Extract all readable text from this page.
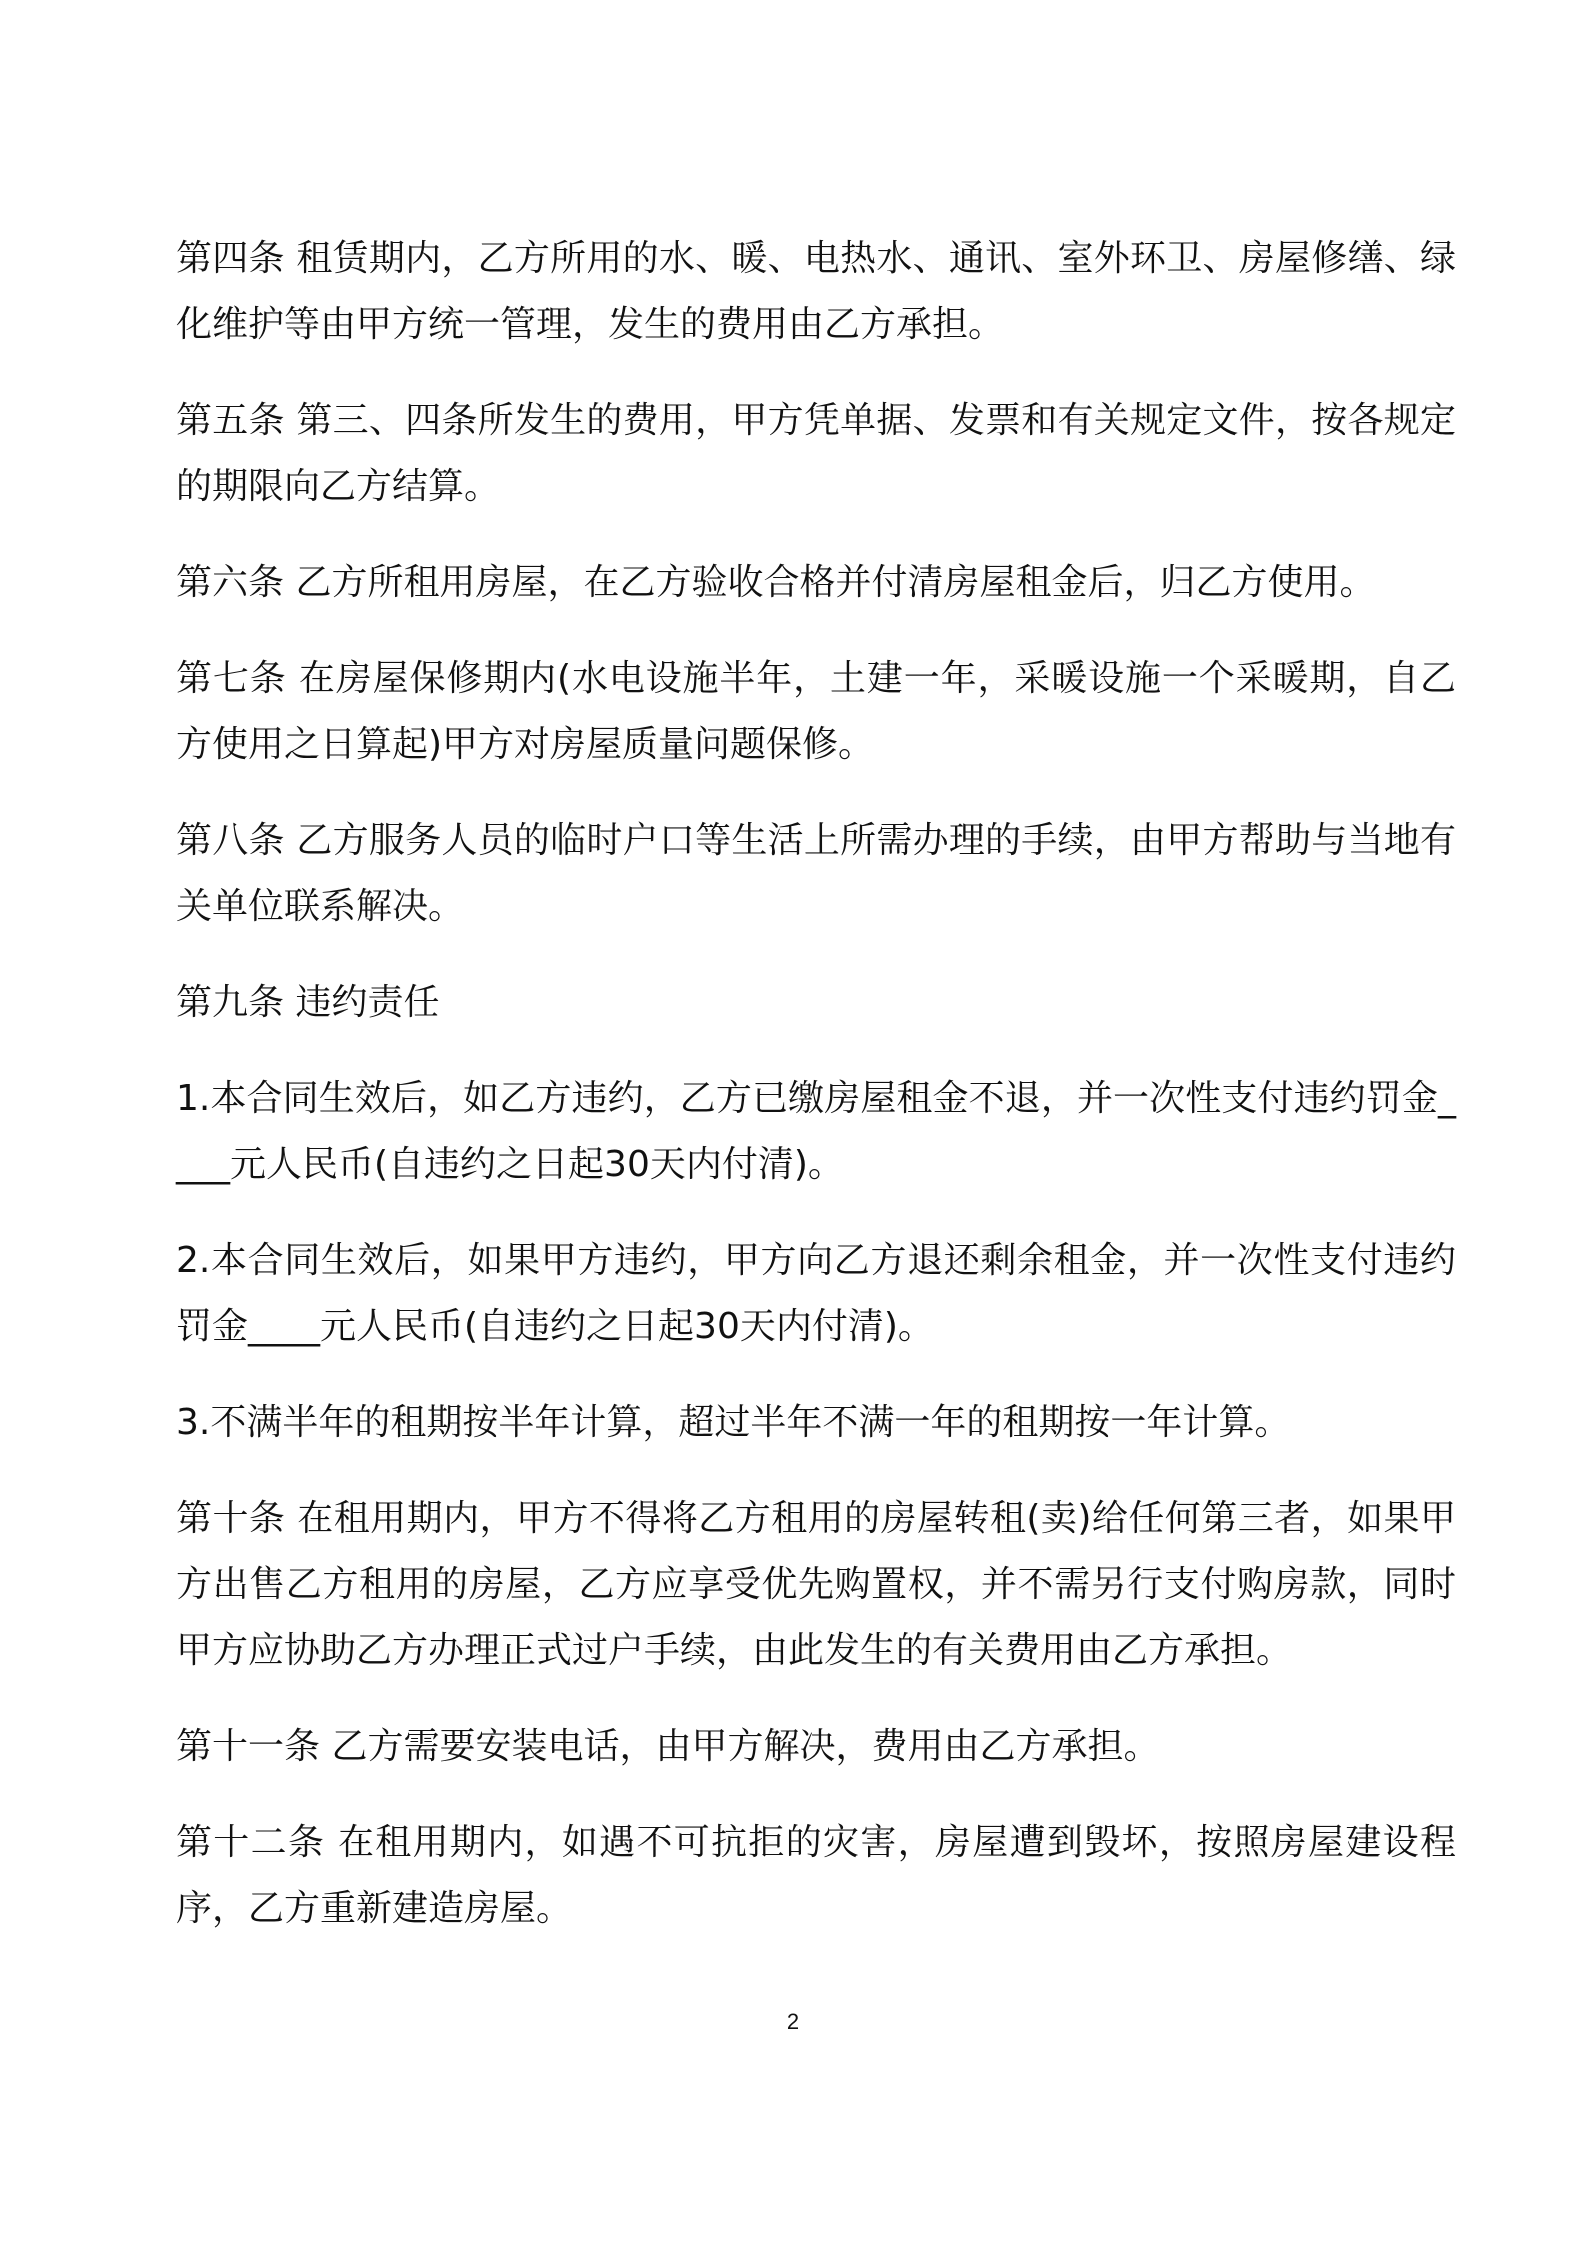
第四条 租赁期内，乙方所用的水、暖、电热水、通讯、室外环卫、房屋修缮、绿化维护等由甲方统一管理，发生的费用由乙方承担。

第五条 第三、四条所发生的费用，甲方凭单据、发票和有关规定文件，按各规定的期限向乙方结算。

第六条 乙方所租用房屋，在乙方验收合格并付清房屋租金后，归乙方使用。

第七条 在房屋保修期内(水电设施半年，土建一年，采暖设施一个采暖期，自乙方使用之日算起)甲方对房屋质量问题保修。

第八条 乙方服务人员的临时户口等生活上所需办理的手续，由甲方帮助与当地有关单位联系解决。

第九条 违约责任

1.本合同生效后，如乙方违约，乙方已缴房屋租金不退，并一次性支付违约罚金____元人民币(自违约之日起30天内付清)。

2.本合同生效后，如果甲方违约，甲方向乙方退还剩余租金，并一次性支付违约罚金____元人民币(自违约之日起30天内付清)。

3.不满半年的租期按半年计算，超过半年不满一年的租期按一年计算。

第十条 在租用期内，甲方不得将乙方租用的房屋转租(卖)给任何第三者，如果甲方出售乙方租用的房屋，乙方应享受优先购置权，并不需另行支付购房款，同时甲方应协助乙方办理正式过户手续，由此发生的有关费用由乙方承担。

第十一条 乙方需要安装电话，由甲方解决，费用由乙方承担。

第十二条 在租用期内，如遇不可抗拒的灾害，房屋遭到毁坏，按照房屋建设程序，乙方重新建造房屋。

2
